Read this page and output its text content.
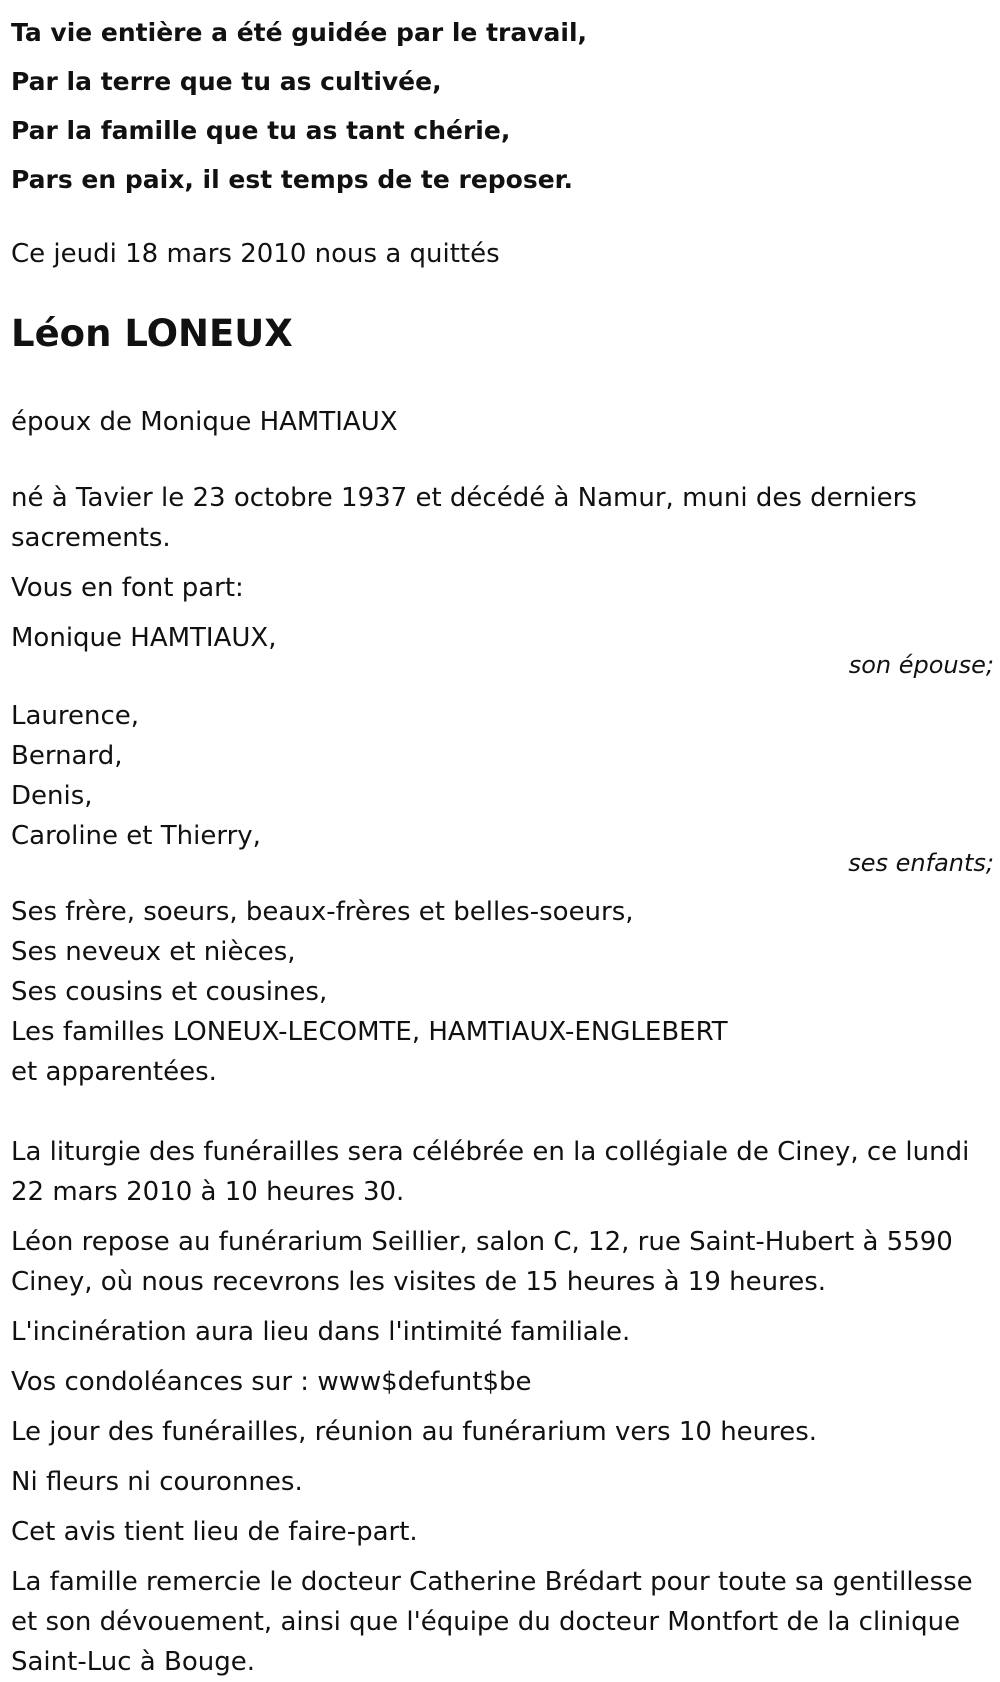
Ta vie entière a été guidée par le travail,
Par la terre que tu as cultivée,
Par la famille que tu as tant chérie,
Pars en paix, il est temps de te reposer.

Ce jeudi 18 mars 2010 nous a quittés

Léon LONEUX

époux de Monique HAMTIAUX

né à Tavier le 23 octobre 1937 et décédé à Namur, muni des derniers sacrements.

Vous en font part:

Monique HAMTIAUX,
son épouse;
Laurence,
Bernard,
Denis,
Caroline et Thierry,
ses enfants;
Ses frère, soeurs, beaux-frères et belles-soeurs,
Ses neveux et nièces,
Ses cousins et cousines,
Les familles LONEUX-LECOMTE, HAMTIAUX-ENGLEBERT
et apparentées.

La liturgie des funérailles sera célébrée en la collégiale de Ciney, ce lundi 22 mars 2010 à 10 heures 30.

Léon repose au funérarium Seillier, salon C, 12, rue Saint-Hubert à 5590 Ciney, où nous recevrons les visites de 15 heures à 19 heures.

L'incinération aura lieu dans l'intimité familiale.

Vos condoléances sur : www$defunt$be

Le jour des funérailles, réunion au funérarium vers 10 heures.

Ni fleurs ni couronnes.

Cet avis tient lieu de faire-part.

La famille remercie le docteur Catherine Brédart pour toute sa gentillesse et son dévouement, ainsi que l'équipe du docteur Montfort de la clinique Saint-Luc à Bouge.
